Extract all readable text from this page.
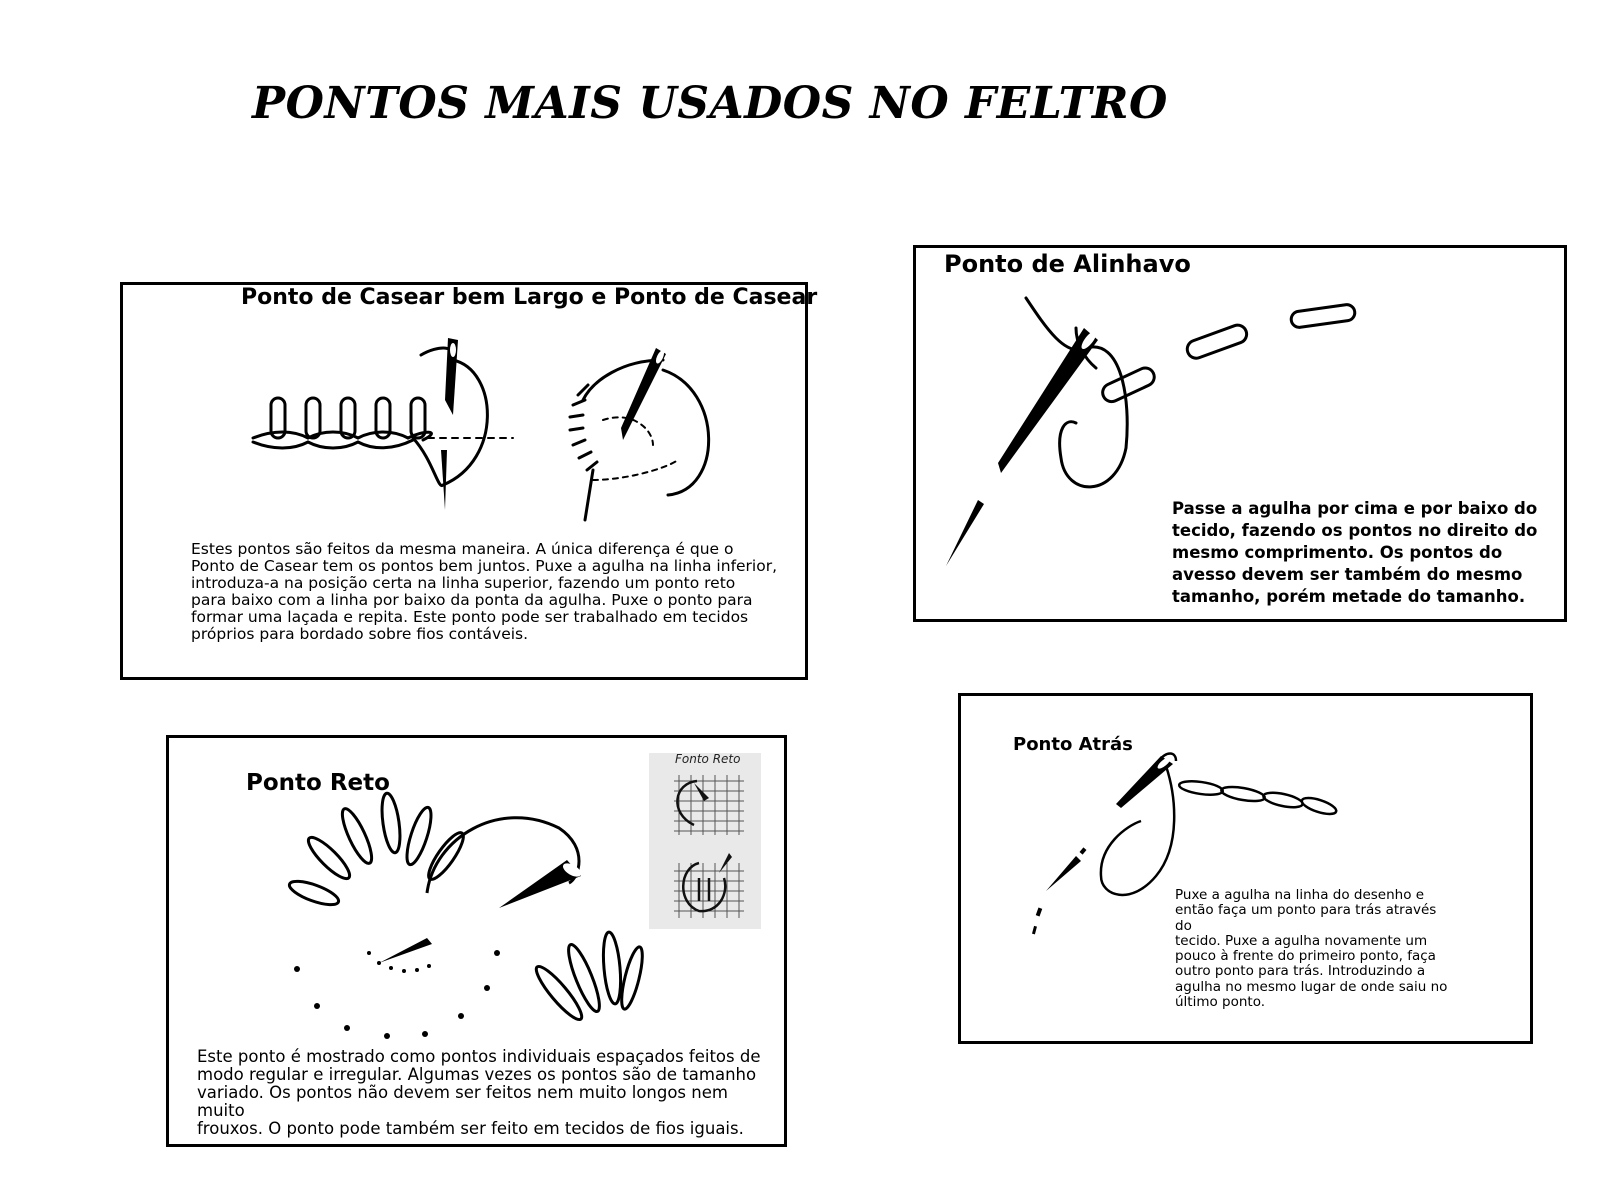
PONTOS MAIS USADOS NO FELTRO
Ponto de Casear bem Largo e Ponto de Casear

Estes pontos são feitos da mesma maneira. A única diferença é que o
Ponto de Casear tem os pontos bem juntos. Puxe a agulha na linha inferior,
introduza-a na posição certa na linha superior, fazendo um ponto reto
para baixo com a linha por baixo da ponta da agulha. Puxe o ponto para
formar uma laçada e repita. Este ponto pode ser trabalhado em tecidos
próprios para bordado sobre fios contáveis.

Ponto de Alinhavo

Passe a agulha por cima e por baixo do
tecido, fazendo os pontos no direito do
mesmo comprimento. Os pontos do
avesso devem ser também do mesmo
tamanho, porém metade do tamanho.

Ponto Reto
Fonto Reto

Este ponto é mostrado como pontos individuais espaçados feitos de
modo regular e irregular. Algumas vezes os pontos são de tamanho
variado. Os pontos não devem ser feitos nem muito longos nem muito
frouxos. O ponto pode também ser feito em tecidos de fios iguais.

Ponto Atrás

Puxe a agulha na linha do desenho e
então faça um ponto para trás através do
tecido. Puxe a agulha novamente um
pouco à frente do primeiro ponto, faça
outro ponto para trás. Introduzindo a
agulha no mesmo lugar de onde saiu no
último ponto.
